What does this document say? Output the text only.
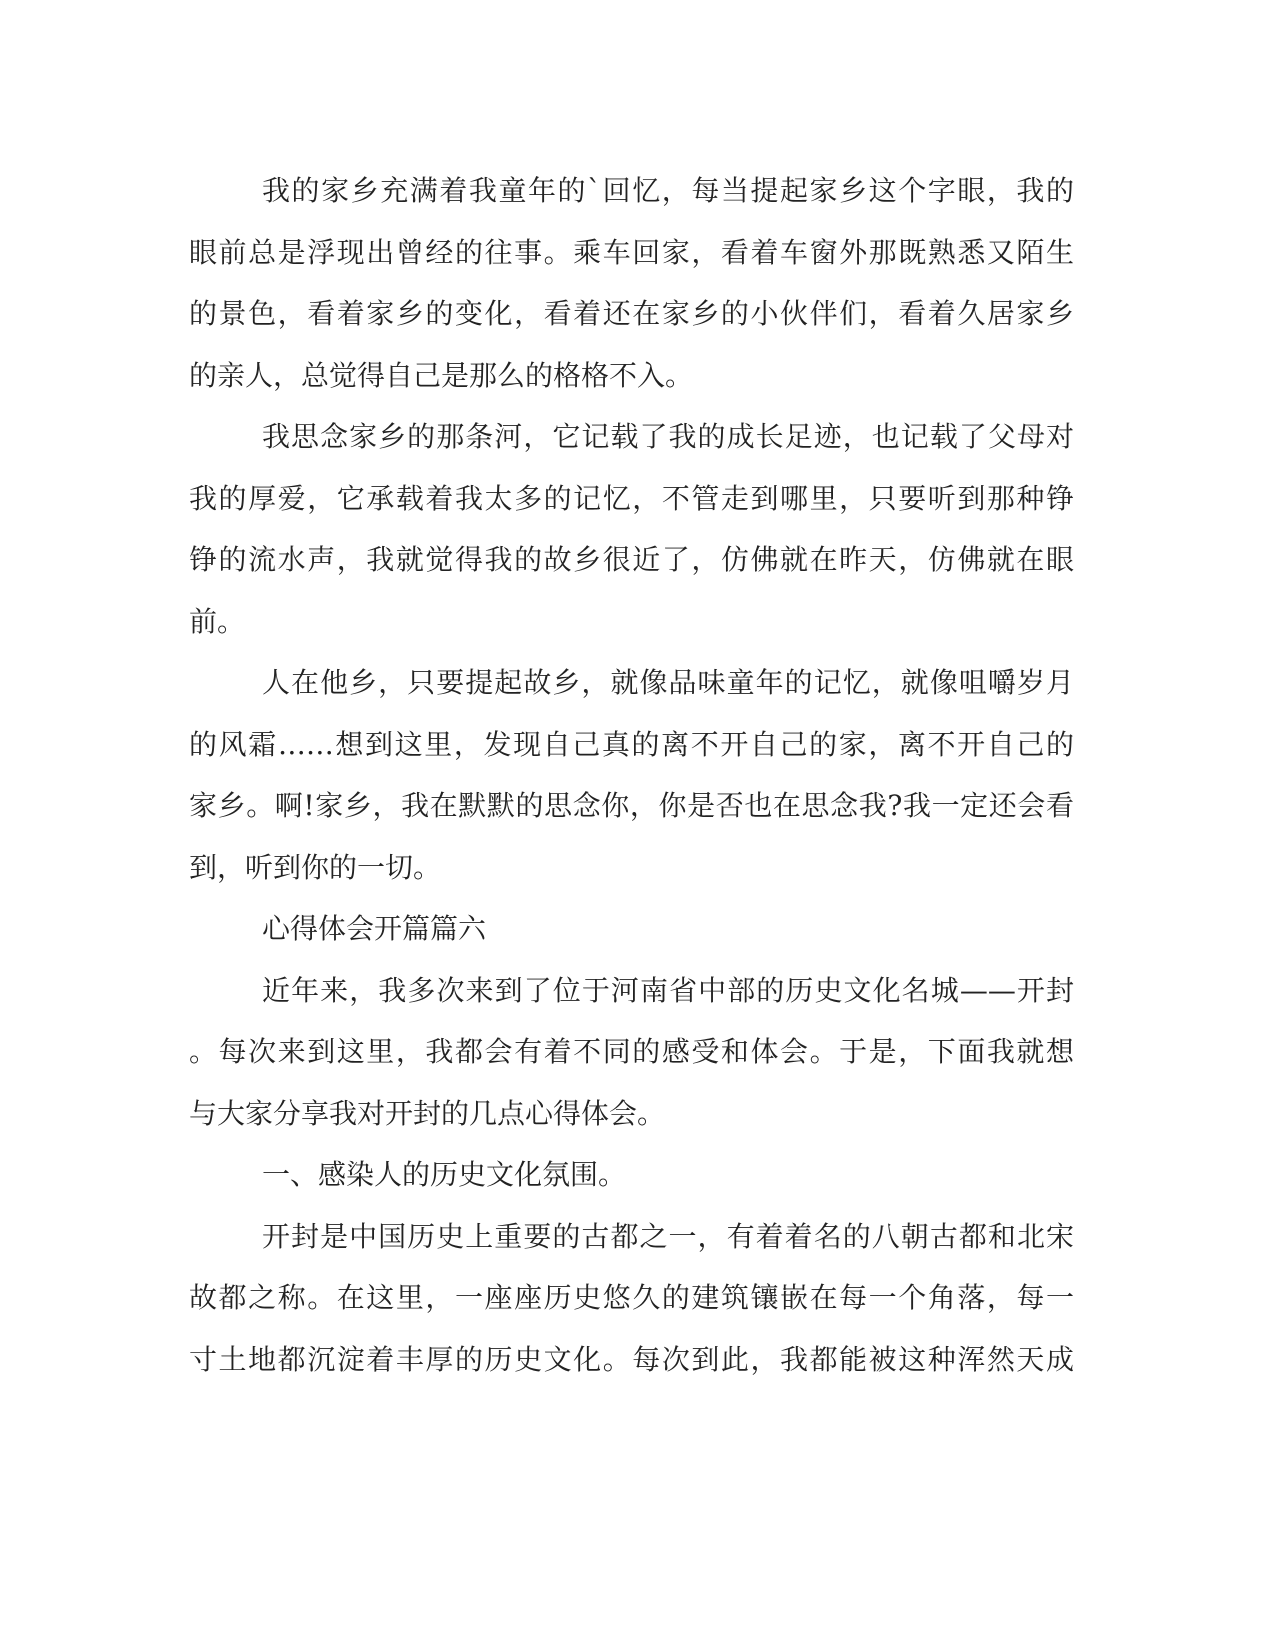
我的家乡充满着我童年的`回忆，每当提起家乡这个字眼，我的
眼前总是浮现出曾经的往事。乘车回家，看着车窗外那既熟悉又陌生
的景色，看着家乡的变化，看着还在家乡的小伙伴们，看着久居家乡
的亲人，总觉得自己是那么的格格不入。
我思念家乡的那条河，它记载了我的成长足迹，也记载了父母对
我的厚爱，它承载着我太多的记忆，不管走到哪里，只要听到那种铮
铮的流水声，我就觉得我的故乡很近了，仿佛就在昨天，仿佛就在眼
前。
人在他乡，只要提起故乡，就像品味童年的记忆，就像咀嚼岁月
的风霜……想到这里，发现自己真的离不开自己的家，离不开自己的
家乡。啊!家乡，我在默默的思念你，你是否也在思念我?我一定还会看
到，听到你的一切。
心得体会开篇篇六
近年来，我多次来到了位于河南省中部的历史文化名城——开封
。每次来到这里，我都会有着不同的感受和体会。于是，下面我就想
与大家分享我对开封的几点心得体会。
一、感染人的历史文化氛围。
开封是中国历史上重要的古都之一，有着着名的八朝古都和北宋
故都之称。在这里，一座座历史悠久的建筑镶嵌在每一个角落，每一
寸土地都沉淀着丰厚的历史文化。每次到此，我都能被这种浑然天成
